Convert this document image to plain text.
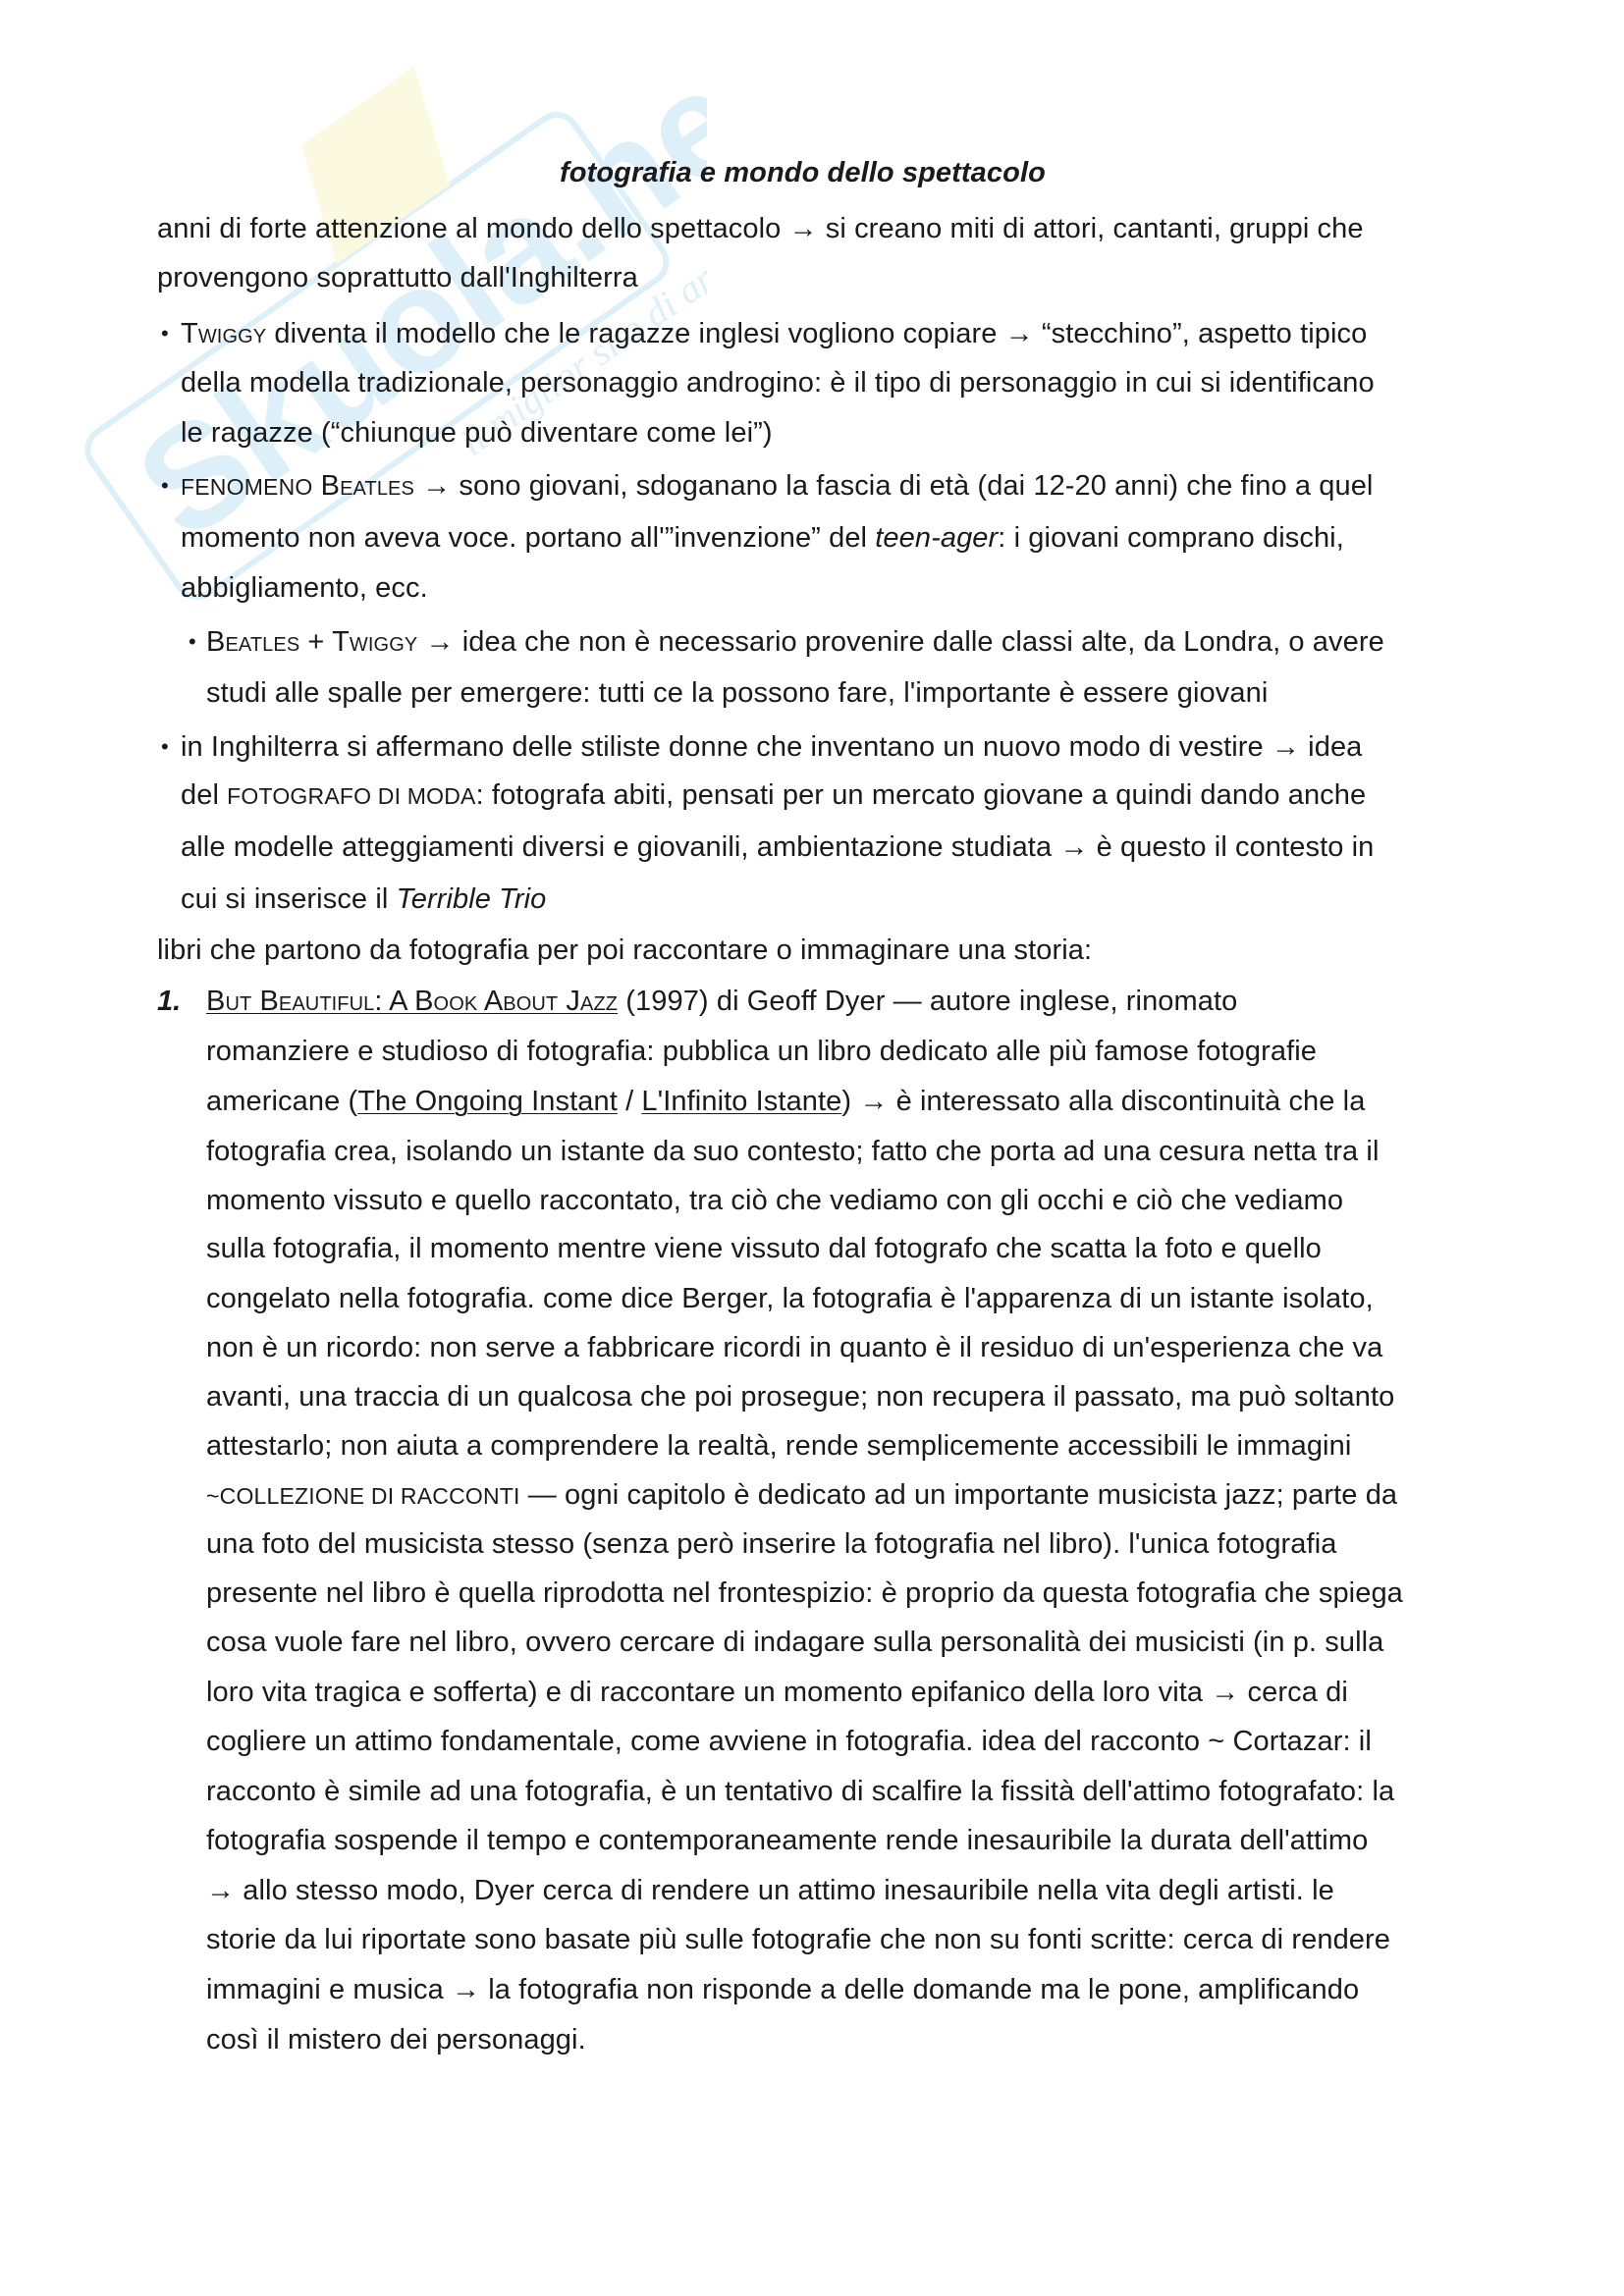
Skuola.net
il miglior sito di appunti
fotografia e mondo dello spettacolo
anni di forte attenzione al mondo dello spettacolo → si creano miti di attori, cantanti, gruppi che
provengono soprattutto dall'Inghilterra
• Twiggy diventa il modello che le ragazze inglesi vogliono copiare → “stecchino”, aspetto tipico
della modella tradizionale, personaggio androgino: è il tipo di personaggio in cui si identificano
le ragazze (“chiunque può diventare come lei”)
• FENOMENO Beatles → sono giovani, sdoganano la fascia di età (dai 12-20 anni) che fino a quel
momento non aveva voce. portano all'”invenzione” del teen-ager: i giovani comprano dischi,
abbigliamento, ecc.
• Beatles + Twiggy → idea che non è necessario provenire dalle classi alte, da Londra, o avere
studi alle spalle per emergere: tutti ce la possono fare, l'importante è essere giovani
• in Inghilterra si affermano delle stiliste donne che inventano un nuovo modo di vestire → idea
del FOTOGRAFO DI MODA: fotografa abiti, pensati per un mercato giovane a quindi dando anche
alle modelle atteggiamenti diversi e giovanili, ambientazione studiata → è questo il contesto in
cui si inserisce il Terrible Trio
libri che partono da fotografia per poi raccontare o immaginare una storia:
1. But Beautiful: A Book About Jazz (1997) di Geoff Dyer — autore inglese, rinomato
romanziere e studioso di fotografia: pubblica un libro dedicato alle più famose fotografie
americane (The Ongoing Instant / L'Infinito Istante) → è interessato alla discontinuità che la
fotografia crea, isolando un istante da suo contesto; fatto che porta ad una cesura netta tra il
momento vissuto e quello raccontato, tra ciò che vediamo con gli occhi e ciò che vediamo
sulla fotografia, il momento mentre viene vissuto dal fotografo che scatta la foto e quello
congelato nella fotografia. come dice Berger, la fotografia è l'apparenza di un istante isolato,
non è un ricordo: non serve a fabbricare ricordi in quanto è il residuo di un'esperienza che va
avanti, una traccia di un qualcosa che poi prosegue; non recupera il passato, ma può soltanto
attestarlo; non aiuta a comprendere la realtà, rende semplicemente accessibili le immagini
~COLLEZIONE DI RACCONTI — ogni capitolo è dedicato ad un importante musicista jazz; parte da
una foto del musicista stesso (senza però inserire la fotografia nel libro). l'unica fotografia
presente nel libro è quella riprodotta nel frontespizio: è proprio da questa fotografia che spiega
cosa vuole fare nel libro, ovvero cercare di indagare sulla personalità dei musicisti (in p. sulla
loro vita tragica e sofferta) e di raccontare un momento epifanico della loro vita → cerca di
cogliere un attimo fondamentale, come avviene in fotografia. idea del racconto ~ Cortazar: il
racconto è simile ad una fotografia, è un tentativo di scalfire la fissità dell'attimo fotografato: la
fotografia sospende il tempo e contemporaneamente rende inesauribile la durata dell'attimo
→ allo stesso modo, Dyer cerca di rendere un attimo inesauribile nella vita degli artisti. le
storie da lui riportate sono basate più sulle fotografie che non su fonti scritte: cerca di rendere
immagini e musica → la fotografia non risponde a delle domande ma le pone, amplificando
così il mistero dei personaggi.
